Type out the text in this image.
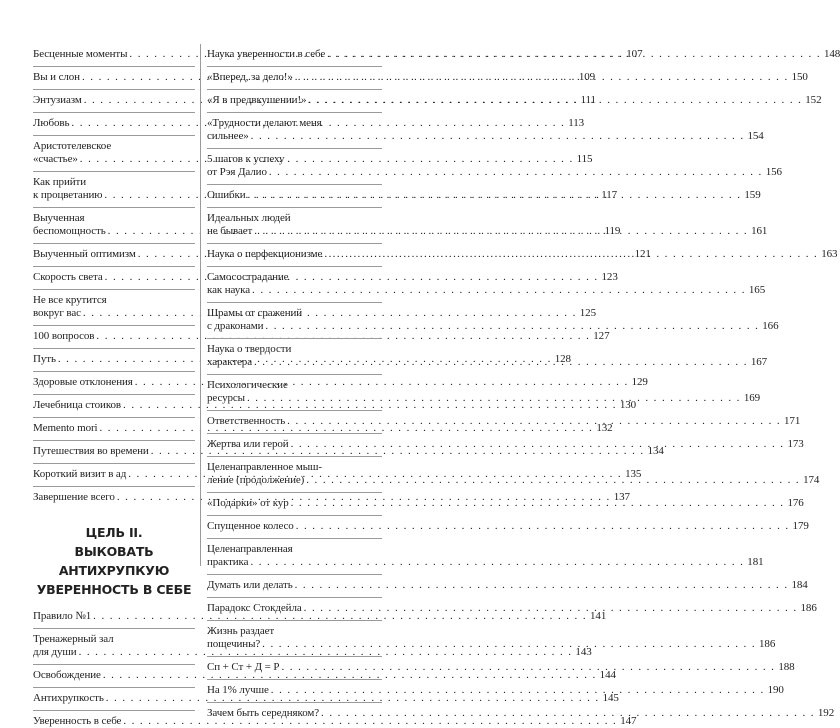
Бесценные моменты . . .	107
Вы и слон . . .	109
Энтузиазм . . .	111
Любовь . . .	113
Аристотелевское
«счастье» . . .	115
Как прийти
к процветанию . . .	117
Выученная
беспомощность . . .	119
Выученный оптимизм . . .	121
Скорость света . . .	123
Не все крутится
вокруг вас . . .	125
100 вопросов . . .	127
Путь . . .	128
Здоровые отклонения . . .	129
Лечебница стоиков . . .	130
Memento mori . . .	132
Путешествия во времени . . .	134
Короткий визит в ад . . .	135
Завершение всего . . .	137
ЦЕЛЬ II.
ВЫКОВАТЬ АНТИХРУПКУЮ
УВЕРЕННОСТЬ В СЕБЕ
Правило №1 . . .	141
Тренажерный зал
для души . . .	143
Освобождение . . .	144
Антихрупкость . . .	145
Уверенность в себе . . .	147
Наука уверенности в себе . . .	148
«Вперед, за дело!» . . .	150
«Я в предвкушении!» . . .	152
«Трудности делают меня
сильнее» . . .	154
5 шагов к успеху
от Рэя Далио . . .	156
Ошибки . . .	159
Идеальных людей
не бывает . . .	161
Наука о перфекционизме . . .	163
Самосострадание
как наука . . .	165
Шрамы от сражений
с драконами . . .	166
Наука о твердости
характера . . .	167
Психологические
ресурсы . . .	169
Ответственность . . .	171
Жертва или герой . . .	173
Целенаправленное мыш-
ление (продолжение) . . .	174
«Подарки» от кур . . .	176
Спущенное колесо . . .	179
Целенаправленная
практика . . .	181
Думать или делать . . .	184
Парадокс Стокдейла . . .	186
Жизнь раздает
пощечины? . . .	186
Сп + Ст + Д = Р . . .	188
На 1% лучше . . .	190
Зачем быть середняком? . . .	192
